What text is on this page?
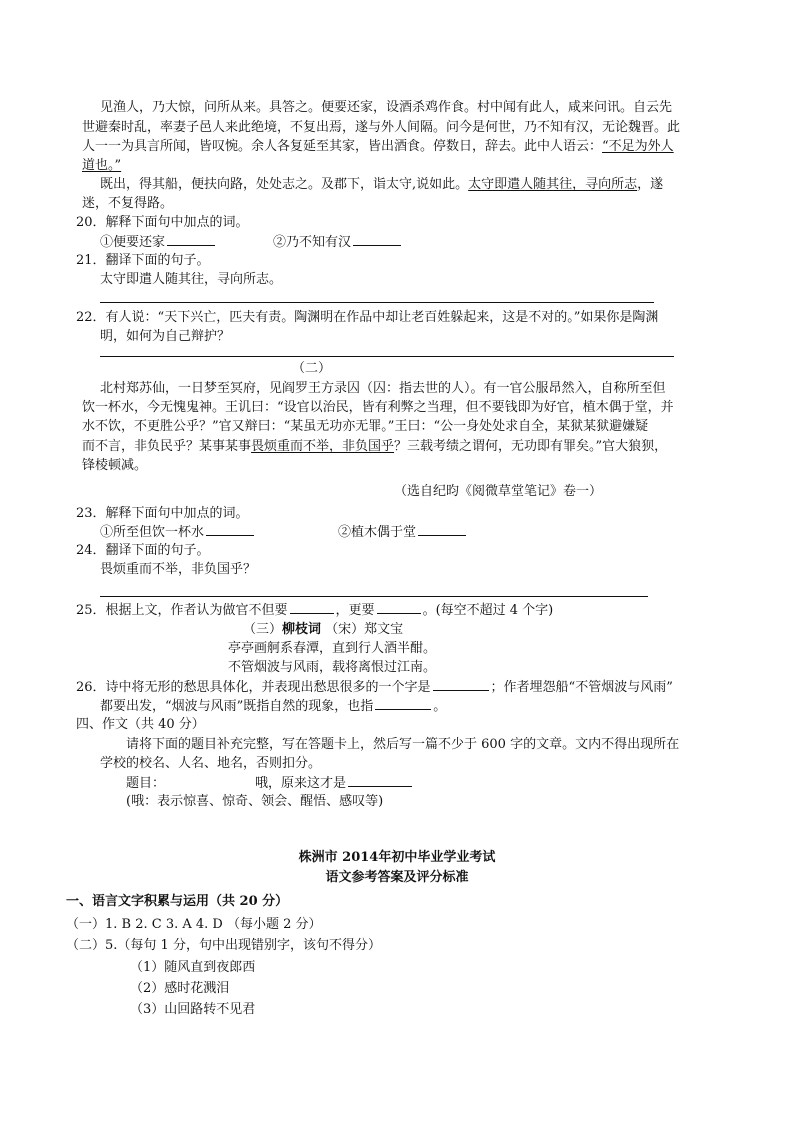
见渔人，乃大惊，问所从来。具答之。便要还家，设酒杀鸡作食。村中闻有此人，咸来问讯。自云先
世避秦时乱，率妻子邑人来此绝境，不复出焉，遂与外人间隔。问今是何世，乃不知有汉，无论魏晋。此
人一一为具言所闻，皆叹惋。余人各复延至其家，皆出酒食。停数日，辞去。此中人语云：“不足为外人
道也。”
既出，得其船，便扶向路，处处志之。及郡下，诣太守,说如此。太守即遣人随其往，寻向所志，遂
迷，不复得路。
20．解释下面句中加点的词。
①便要还家	②乃不知有汉
21．翻译下面的句子。
太守即遣人随其往，寻向所志。
22．有人说：“天下兴亡，匹夫有责。陶渊明在作品中却让老百姓躲起来，这是不对的。”如果你是陶渊
明，如何为自己辩护？
（二）
北村郑苏仙，一日梦至冥府，见阎罗王方录囚（囚：指去世的人）。有一官公服昂然入，自称所至但
饮一杯水，今无愧鬼神。王讥曰：“设官以治民，皆有利弊之当理，但不要钱即为好官，植木偶于堂，并
水不饮，不更胜公乎？”官又辩曰：“某虽无功亦无罪。”王曰：“公一身处处求自全，某狱某狱避嫌疑
而不言，非负民乎？某事某事畏烦重而不举，非负国乎？三载考绩之谓何，无功即有罪矣。”官大狼狈，
锋棱顿减。
（选自纪昀《阅微草堂笔记》卷一）
23．解释下面句中加点的词。
①所至但饮一杯水	②植木偶于堂
24．翻译下面的句子。
畏烦重而不举，非负国乎？
25．根据上文，作者认为做官不但要	，更要	。(每空不超过 4 个字)
（三）柳枝词 （宋）郑文宝
亭亭画舸系春潭，直到行人酒半酣。
不管烟波与风雨，载将离恨过江南。
26．诗中将无形的愁思具体化，并表现出愁思很多的一个字是	；作者埋怨船“不管烟波与风雨”
都要出发，“烟波与风雨”既指自然的现象，也指	。
四、作文（共 40 分）
请将下面的题目补充完整，写在答题卡上，然后写一篇不少于 600 字的文章。文内不得出现所在
学校的校名、人名、地名，否则扣分。
题目：	哦，原来这才是
(哦：表示惊喜、惊奇、领会、醒悟、感叹等)
株洲市 2014年初中毕业学业考试
语文参考答案及评分标准
一、语言文字积累与运用（共 20 分）
（一）1. B 2. C 3. A 4. D （每小题 2 分）
（二）5.（每句 1 分，句中出现错别字，该句不得分）
（1）随风直到夜郎西
（2）感时花溅泪
（3）山回路转不见君
